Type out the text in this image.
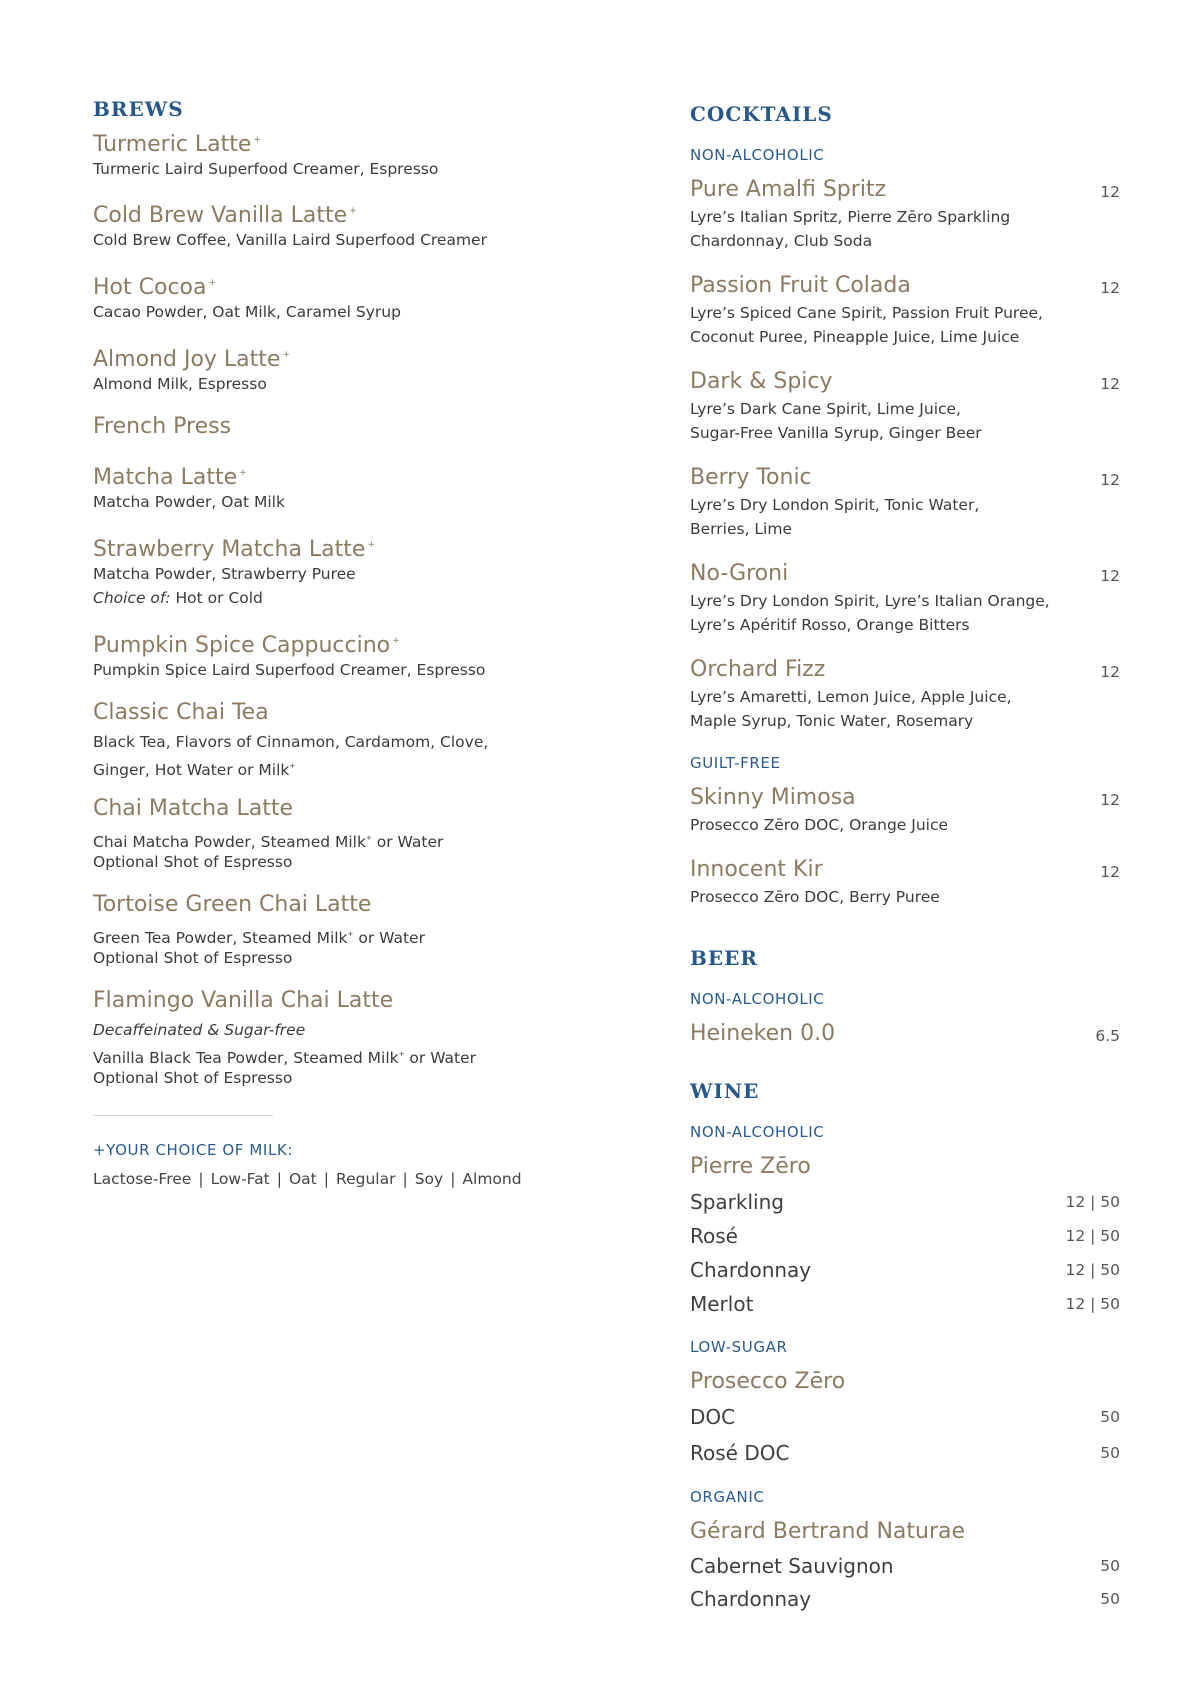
BREWS
Turmeric Latte +
Turmeric Laird Superfood Creamer, Espresso
Cold Brew Vanilla Latte +
Cold Brew Coffee, Vanilla Laird Superfood Creamer
Hot Cocoa +
Cacao Powder, Oat Milk, Caramel Syrup
Almond Joy Latte +
Almond Milk, Espresso
French Press
Matcha Latte +
Matcha Powder, Oat Milk
Strawberry Matcha Latte +
Matcha Powder, Strawberry Puree
Choice of: Hot or Cold
Pumpkin Spice Cappuccino +
Pumpkin Spice Laird Superfood Creamer, Espresso
Classic Chai Tea
Black Tea, Flavors of Cinnamon, Cardamom, Clove,
Ginger, Hot Water or Milk+
Chai Matcha Latte
Chai Matcha Powder, Steamed Milk+ or Water
Optional Shot of Espresso
Tortoise Green Chai Latte
Green Tea Powder, Steamed Milk+ or Water
Optional Shot of Espresso
Flamingo Vanilla Chai Latte
Decaffeinated & Sugar-free
Vanilla Black Tea Powder, Steamed Milk+ or Water
Optional Shot of Espresso
+YOUR CHOICE OF MILK:
Lactose-Free | Low-Fat | Oat | Regular | Soy | Almond
COCKTAILS
NON-ALCOHOLIC
Pure Amalfi Spritz	12
Lyre’s Italian Spritz, Pierre Zēro Sparkling
Chardonnay, Club Soda
Passion Fruit Colada	12
Lyre’s Spiced Cane Spirit, Passion Fruit Puree,
Coconut Puree, Pineapple Juice, Lime Juice
Dark & Spicy	12
Lyre’s Dark Cane Spirit, Lime Juice,
Sugar-Free Vanilla Syrup, Ginger Beer
Berry Tonic	12
Lyre’s Dry London Spirit, Tonic Water,
Berries, Lime
No-Groni	12
Lyre’s Dry London Spirit, Lyre’s Italian Orange,
Lyre’s Apéritif Rosso, Orange Bitters
Orchard Fizz	12
Lyre’s Amaretti, Lemon Juice, Apple Juice,
Maple Syrup, Tonic Water, Rosemary
GUILT-FREE
Skinny Mimosa	12
Prosecco Zēro DOC, Orange Juice
Innocent Kir	12
Prosecco Zēro DOC, Berry Puree
BEER
NON-ALCOHOLIC
Heineken 0.0	6.5
WINE
NON-ALCOHOLIC
Pierre Zēro
Sparkling	12 | 50
Rosé	12 | 50
Chardonnay	12 | 50
Merlot	12 | 50
LOW-SUGAR
Prosecco Zēro
DOC	50
Rosé DOC	50
ORGANIC
Gérard Bertrand Naturae
Cabernet Sauvignon	50
Chardonnay	50
